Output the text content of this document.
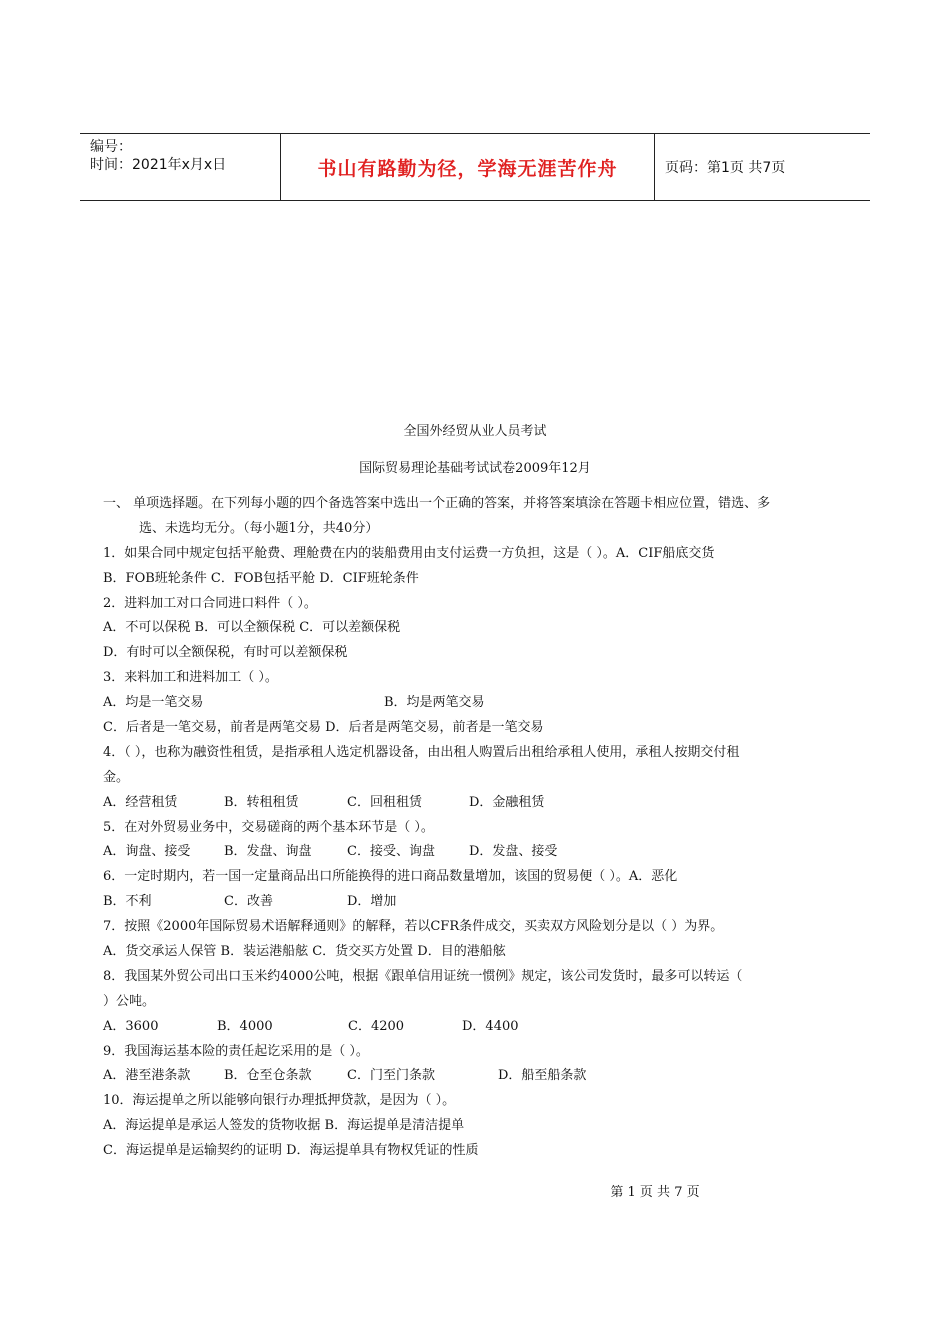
编号：
时间：2021年x月x日	书山有路勤为径，学海无涯苦作舟	页码：第1页 共7页
全国外经贸从业人员考试
国际贸易理论基础考试试卷2009年12月
一、 单项选择题。在下列每小题的四个备选答案中选出一个正确的答案，并将答案填涂在答题卡相应位置，错选、多
选、未选均无分。（每小题1分，共40分）
1．如果合同中规定包括平舱费、理舱费在内的装船费用由支付运费一方负担，这是（ ）。A．CIF船底交货
B．FOB班轮条件 C．FOB包括平舱 D．CIF班轮条件
2．进料加工对口合同进口料件（ ）。
A．不可以保税 B．可以全额保税 C．可以差额保税
D．有时可以全额保税，有时可以差额保税
3．来料加工和进料加工（ ）。
A．均是一笔交易	B．均是两笔交易
C．后者是一笔交易，前者是两笔交易 D．后者是两笔交易，前者是一笔交易
4．（ ），也称为融资性租赁，是指承租人选定机器设备，由出租人购置后出租给承租人使用，承租人按期交付租
金。
A．经营租赁	B．转租租赁	C．回租租赁	D．金融租赁
5．在对外贸易业务中，交易磋商的两个基本环节是（ ）。
A．询盘、接受	B．发盘、询盘	C．接受、询盘	D．发盘、接受
6．一定时期内，若一国一定量商品出口所能换得的进口商品数量增加，该国的贸易便（ ）。A．恶化
B．不利	C．改善	D．增加
7．按照《2000年国际贸易术语解释通则》的解释，若以CFR条件成交，买卖双方风险划分是以（ ）为界。
A．货交承运人保管 B．装运港船舷 C．货交买方处置 D．目的港船舷
8．我国某外贸公司出口玉米约4000公吨，根据《跟单信用证统一惯例》规定，该公司发货时，最多可以转运（
）公吨。
A．3600	B．4000	C．4200	D．4400
9．我国海运基本险的责任起讫采用的是（ ）。
A．港至港条款	B．仓至仓条款	C．门至门条款	D．船至船条款
10．海运提单之所以能够向银行办理抵押贷款，是因为（ ）。
A．海运提单是承运人签发的货物收据 B．海运提单是清洁提单
C．海运提单是运输契约的证明 D．海运提单具有物权凭证的性质
第 1 页 共 7 页
